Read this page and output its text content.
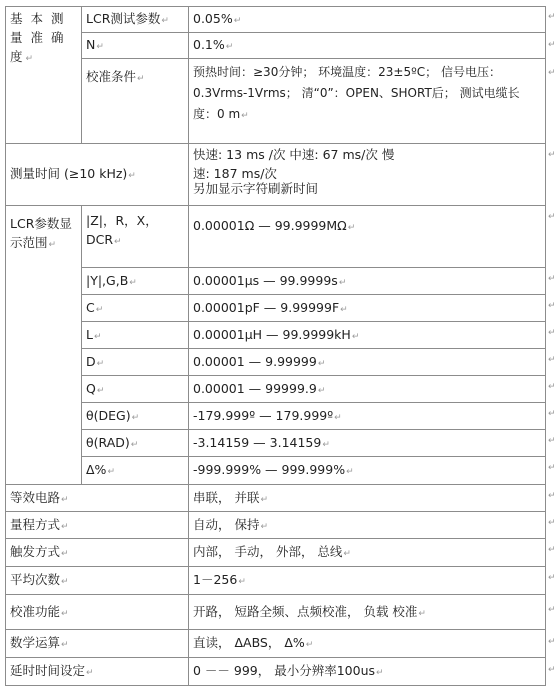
基 本 测 量 准 确 度↵	LCR测试参数↵	0.05%↵
	N↵	0.1%↵
	校准条件↵	预热时间：≥30分钟； 环境温度：23±5ºC； 信号电压：0.3Vrms-1Vrms； 清“0”：OPEN、SHORT后； 测试电缆长度：0 m↵
测量时间 (≥10 kHz)↵		快速: 13 ms /次 中速: 67 ms/次 慢
速: 187 ms/次
另加显示字符刷新时间

LCR参数显示范围↵	|Z|，R，X，DCR↵	0.00001Ω — 99.9999MΩ↵
	|Y|,G,B↵	0.00001μs — 99.9999s↵
	C↵	0.00001pF — 9.99999F↵
	L↵	0.00001μH — 99.9999kH↵
	D↵	0.00001 — 9.99999↵
	Q↵	0.00001 — 99999.9↵
	θ(DEG)↵	-179.999º — 179.999º↵
	θ(RAD)↵	-3.14159 — 3.14159↵
	Δ%↵	-999.999% — 999.999%↵
等效电路↵		串联， 并联↵
量程方式↵		自动， 保持↵
触发方式↵		内部， 手动， 外部， 总线↵
平均次数↵		1－256↵
校准功能↵		开路， 短路全频、点频校准， 负载 校准↵
数学运算↵		直读， ΔABS， Δ%↵
延时时间设定↵		0 －－ 999， 最小分辨率100us↵
↵
↵
↵
↵
↵
↵
↵
↵
↵
↵
↵
↵
↵
↵
↵
↵
↵
↵
↵
↵
